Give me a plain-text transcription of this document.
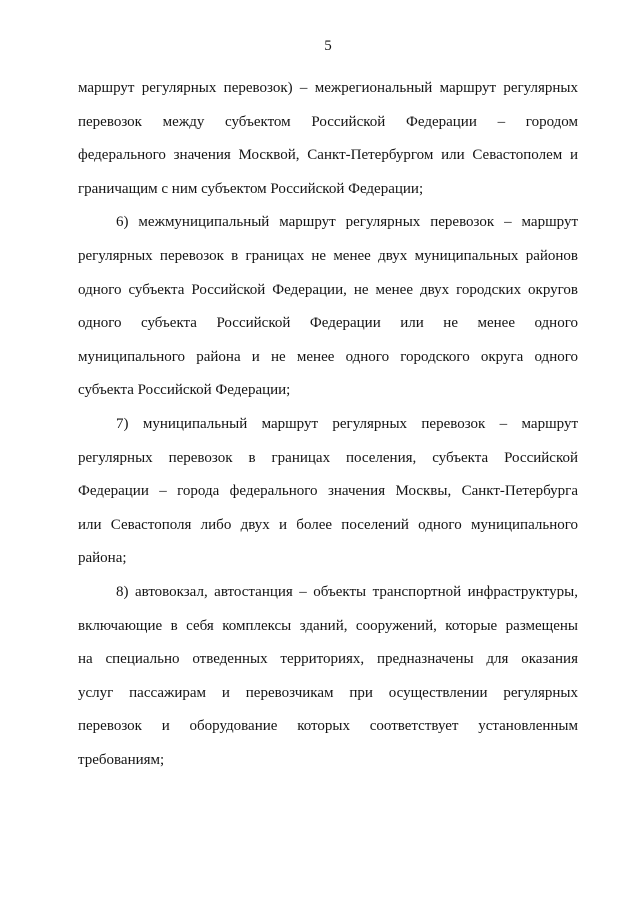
5
маршрут регулярных перевозок) – межрегиональный маршрут регулярных
перевозок между субъектом Российской Федерации – городом
федерального значения Москвой, Санкт-Петербургом или Севастополем и
граничащим с ним субъектом Российской Федерации;
6) межмуниципальный маршрут регулярных перевозок – маршрут
регулярных перевозок в границах не менее двух муниципальных районов
одного субъекта Российской Федерации, не менее двух городских округов
одного субъекта Российской Федерации или не менее одного
муниципального района и не менее одного городского округа одного
субъекта Российской Федерации;
7) муниципальный маршрут регулярных перевозок – маршрут
регулярных перевозок в границах поселения, субъекта Российской
Федерации – города федерального значения Москвы, Санкт-Петербурга
или Севастополя либо двух и более поселений одного муниципального
района;
8) автовокзал, автостанция – объекты транспортной инфраструктуры,
включающие в себя комплексы зданий, сооружений, которые размещены
на специально отведенных территориях, предназначены для оказания
услуг пассажирам и перевозчикам при осуществлении регулярных
перевозок и оборудование которых соответствует установленным
требованиям;
